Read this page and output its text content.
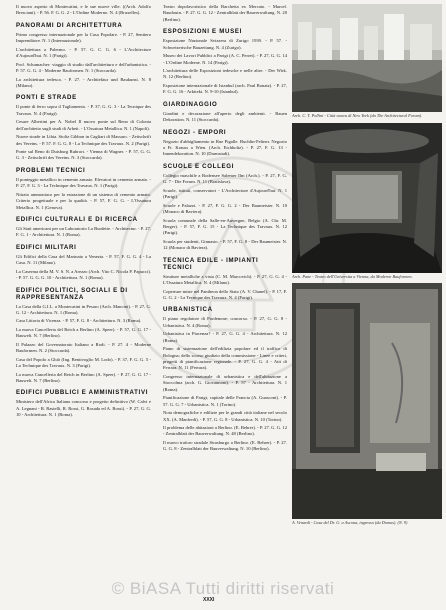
Il nuovo aspetto di Montecatini, e le sue nuove ville. ((Arch. Adolfo Bresciani). - P. 56. F. G. G. 2 - L'Ordine Moderno. N. 4 (Bruxelles).

PANORAMI DI ARCHITETTURA

Primo congresso internazionale per la Casa Popolare. - P. 27, Sentiero Imprenditore. N. 1 (Internazionale).

L'architettura a Palermo. - P. 57. G. C. G. 6 - L'Architecture d'Aujourd'hui. N. 1 (Parigi).

Prof. Schumacher: viaggio di studio dall'architettura e dell'urbanistica. - P. 57. G. G. 4 - Moderne Bauformen. N. 1 (Stoccarda).

La architettura tedesca. - P. 27. - Architektur und Baukunst. N. 8 (Milano).

PONTI E STRADE

Il ponte di ferro sopra il Tagliamento. - P. 37, G. G. 3 - La Tecnique des Travaux. N. 4 (Parigi).

Cesare Albertini per A. Nobel Il nuovo ponte sul Reno di Colonia dell'architetto sugli studi di Arbeit. - L'Ossatura Metallica. N. 1 (Napoli).

Nuove strade in Libia. Stoltz Gibbon in Cagliari di Massaro. - Zeitschrift des Vereins. - P. 57. F. G. G. 8 - La Technique des Travaux. N. 2 (Parigi).

Ponte sul Reno di Duisburg Ruhrort. - Vienna di Wagner. - P. 57, G. G. G. 3 - Zeitschrift des Vereins. N. 3 (Stoccarda).

PROBLEMI TECNICI

Il ponteggio metallico in cemento armato. Elevatori in cemento armato. - P. 27, F. G. 3 - La Technique des Travaux. N. 1 (Parigi).

Nitrato ammoniaco per la estrazione di un sistema di cemento armato. Criterio progettuale e per la qualità. - P. 57, F. G. G. - L'Ossatura Metallica. N. 1 (Genova).

EDIFICI CULTURALI E DI RICERCA

Gli Stati americani per un Laboratorio La Burdette. - Architectur. - P. 27, F. G. 1 - Architettura. N. 1 (Roma).

EDIFICI MILITARI

Gli Edifici della Casa del Marinaio a Venezia. - P. 57, F. G. G. 4 - La Casa. N. 11 (Milano).

La Caserma della M. V. S. N. a Arezzo (Arch. Vito C. Nicola P. Papucci). - P. 57. G. G. G. 10 - Architettura. N. 1 (Roma).

EDIFICI POLITICI, SOCIALI E DI RAPPRESENTANZA

La Casa della G.I.L. a Montecatini in Pesaro (Arch. Mancini). - P. 27, G. G. 12 - Architettura. N. 1 (Roma).

Casa Littoria di Vicenza. - P. 57, F. G. 8 - Architettura. N. 3 (Roma).

La nuova Cancelleria del Reich a Berlino (A. Speer). - P. 57, G. G. 17 - Bauwelt. N. 7 (Berlino).

Il Palazzo del Governatorato Italiano a Rodi. - P. 27. 4 - Moderne Bauformen. N. 2 (Stoccarda).

Casa del Popolo a Ghiò (Ing. Bentivoglio M. Lodo). - P. 37, F. G. G. 5 - La Technique des Travaux. N. 3 (Parigi).

La nuova Cancelleria del Reich in Berlino (A. Speer). - P. 27, G. G. 17 - Bauwelt. N. 7 (Berlino).

EDIFICI PUBBLICI E AMMINISTRATIVI

Ministero dell'Africa Italiana concorso e progetto definitivo (W. Calvi e A. Legnani - R. Rastelli, R. Rossi, G. Rosada ed A. Rossi). - P. 27, G. G. 10 - Architettura. N. 1 (Roma).

Teatro dopolavoristico della Barchetta ex Mercato. - Marcel. Baudouin. - P. 27. G. G. 12 - Zentralblatt der Bauverwaltung. N. 20 (Berlino).

ESPOSIZIONI E MUSEI

Esposizione Nazionale Svizzera di Zurigo 1939. - P. 57. - Schweizerische Bauzeitung. N. 4 (Zurigo).

Museo dei Lavori Pubblici a Parigi (A. C. Perret). - P. 27, G. G. 14 - L'Ordine Moderne. N. 14 (Parigi).

L'architettura delle Esposizioni tedesche e nelle altre. - Der Wirk. N. 12 (Berlino).

Esposizione internazionale di Istanbul (arch. Paul Bonatz). - P. 27, F. G. G. 16 - Arkitekt. N. 9-10 (Istanbul).

GIARDINAGGIO

Giardini e decorazione all'aperto degli ambienti. - Bauen Dekoration. N. 11 (Stoccarda).

NEGOZI - EMPORI

Negozio d'abbigliamento in Rue Pigalle. Buchlin-Feliner. Negozio a Fr. Krauss a Wien. (Arch. Eichholtz). - P. 27, F. G. 13 - Innendekoration. N. 10 (Darmstadt).

SCUOLE E COLLEGI

Collegio maschile a Bodensee Salemer Ilm (Arch.). - P. 27, F. G. G. 7 - Die Forum. N. 11 (Bratislava).

Scuole, istituti, conservatori - L'Architecture d'Aujourd'hui. N. 1 (Parigi).

Scuole e Palazzi. - P. 27, F. G. G. 2 - Der Baumeister. N. 10 (Monaco di Baviera).

Scuola comunale della Salle-en-Auvergne, Belgio (A. Chr. M. Berger). - P. 57, F. G. 15 - La Technique des Travaux. N. 12 (Parigi).

Scuola per studenti, Ginnasio. - P. 57, F. G. 8 - Der Baumeister. N. 12 (Monaco di Baviera).

TECNICA EDILE - IMPIANTI TECNICI

Strutture metalliche a vista (C. M. Marcovich). - P. 27, G. G. 4 - L'Ossatura Metallica. N. 4 (Milano).

Coperture miste nel Pantheon dello Stato (A. V. Chanel). - P. 17, F. G. G. 2 - La Tecnique des Travaux. N. 4 (Parigi).

URBANISTICA

Il piano regolatore di Pordenone; concorso. - P. 27, G. G. 8 - Urbanistica. N. 4 (Roma).

Urbanistica in Piacenza? - P. 27, G. G. 4 - Architettura. N. 12 (Roma).

Piano di sistemazione dell'edilizia popolare ed il traffico di Bologna; dello scorso giudizio della commissione - Linee e criteri, progetti di pianificazione regionale. - P. 27, G. G. 4 - Atti di Ferrara. N. 11 (Ferrara).

Congresso internazionale di urbanistica e dell'abitazione a Stoccolma (arch. G. Giovannoni). - P. 57 - Architettura. N. 1 (Roma).

Pianificazione di Parigi, capitale delle Francia (A. Guasconi). - P. 57. G. G. 7 - Urbanistica. N. 1 (Torino).

Nota demografiche e edilizie per le grandi città italiane nel secolo XX. (A. Manfredi). - P. 57, G. G. 8 - Urbanistica. N. 10 (Torino).

Il problema delle abitazioni a Berlino. (E. Behrer). - P. 27. G. G. 12 - Zentralblatt der Bauverwaltung. N. 48 (Berlino).

Il nuovo traforo stradale Strasburgo a Berlino. (E. Behrer). - P. 27. G. G. 8 - Zentralblatt der Bauverwaltung. N. 10 (Berlino).

Arch. C. T. Pollini - Città nuova di New York (da The Architectural Forum).
Arch. Pane - Teatro dell'Universita a Vienna, da Moderne Bauformen.
A. Venardi - Casa del Dr. G. a Ascona, ingresso (da Domus). (N. 9)
XXXI
© BiASA Tutti diritti riservati
